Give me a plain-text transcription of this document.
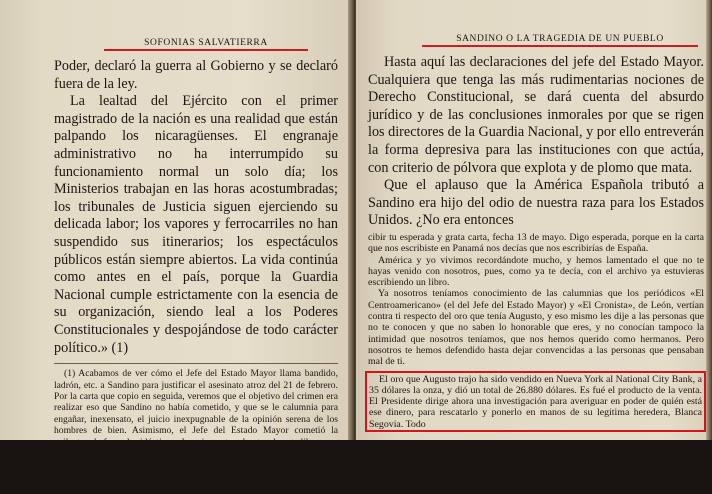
SOFONIAS SALVATIERRA

Poder, declaró la guerra al Gobierno y se declaró fuera de la ley.

La lealtad del Ejército con el primer magistrado de la nación es una realidad que están palpando los nicaragüenses. El engranaje administrativo no ha interrumpido su funcionamiento normal un solo día; los Ministerios trabajan en las horas acostumbradas; los tribunales de Justicia siguen ejerciendo su delicada labor; los vapores y ferrocarriles no han suspendido sus itinerarios; los espectáculos públicos están siempre abiertos. La vida continúa como antes en el país, porque la Guardia Nacional cumple estrictamente con la esencia de su organización, siendo leal a los Poderes Constitucionales y despojándose de todo carácter político.» (1)

(1) Acabamos de ver cómo el Jefe del Estado Mayor llama bandido, ladrón, etc. a Sandino para justificar el asesinato atroz del 21 de febrero. Por la carta que copio en seguida, veremos que el objetivo del crimen era realizar eso que Sandino no había cometido, y que se le calumnia para engañar, inexensato, el juicio inexpugnable de la opinión serena de los hombres de bien. Asimismo, el Jefe del Estado Mayor cometió la avilantez de formular idéntica calumnia contra el autor de este libro, con el fin de cubrir el doble crimen, de asesinato y robo que cometieron en la persona del general Sandino, como después de matar al guerrillero invencible, asaltaron mi casa de habitación, asesinaron a los que quisieron y robaron lo que quisieron también. Léase la carta:

SANDINO O LA TRAGEDIA DE UN PUEBLO

Hasta aquí las declaraciones del jefe del Estado Mayor. Cualquiera que tenga las más rudimentarias nociones de Derecho Constitucional, se dará cuenta del absurdo jurídico y de las conclusiones inmorales por que se rigen los directores de la Guardia Nacional, y por ello entreverán la forma depresiva para las instituciones con que actúa, con criterio de pólvora que explota y de plomo que mata.

Que el aplauso que la América Española tributó a Sandino era hijo del odio de nuestra raza para los Estados Unidos. ¿No era entonces

cibir tu esperada y grata carta, fecha 13 de mayo. Digo esperada, porque en la carta que nos escribiste en Panamá nos decías que nos escribirías de España.

América y yo vivimos recordándote mucho, y hemos lamentado el que no te hayas venido con nosotros, pues, como ya te decía, con el archivo ya estuvieras escribiendo un libro.

Ya nosotros teníamos conocimiento de las calumnias que los periódicos «El Centroamericano» (el del Jefe del Estado Mayor) y «El Cronista», de León, vertían contra ti respecto del oro que tenía Augusto, y eso mismo les dije a las personas que no te conocen y que no saben lo honorable que eres, y no conocían tampoco la intimidad que nosotros teníamos, que nos hemos querido como hermanos. Pero nosotros te hemos defendido hasta dejar convencidas a las personas que pensaban mal de ti.

El oro que Augusto trajo ha sido vendido en Nueva York al National City Bank, a 35 dólares la onza, y dió un total de 26.880 dólares. Es fué el producto de la venta. El Presidente dirige ahora una investigación para averiguar en poder de quién está ese dinero, para rescatarlo y ponerlo en manos de su legítima heredera, Blanca Segovia. Todo
